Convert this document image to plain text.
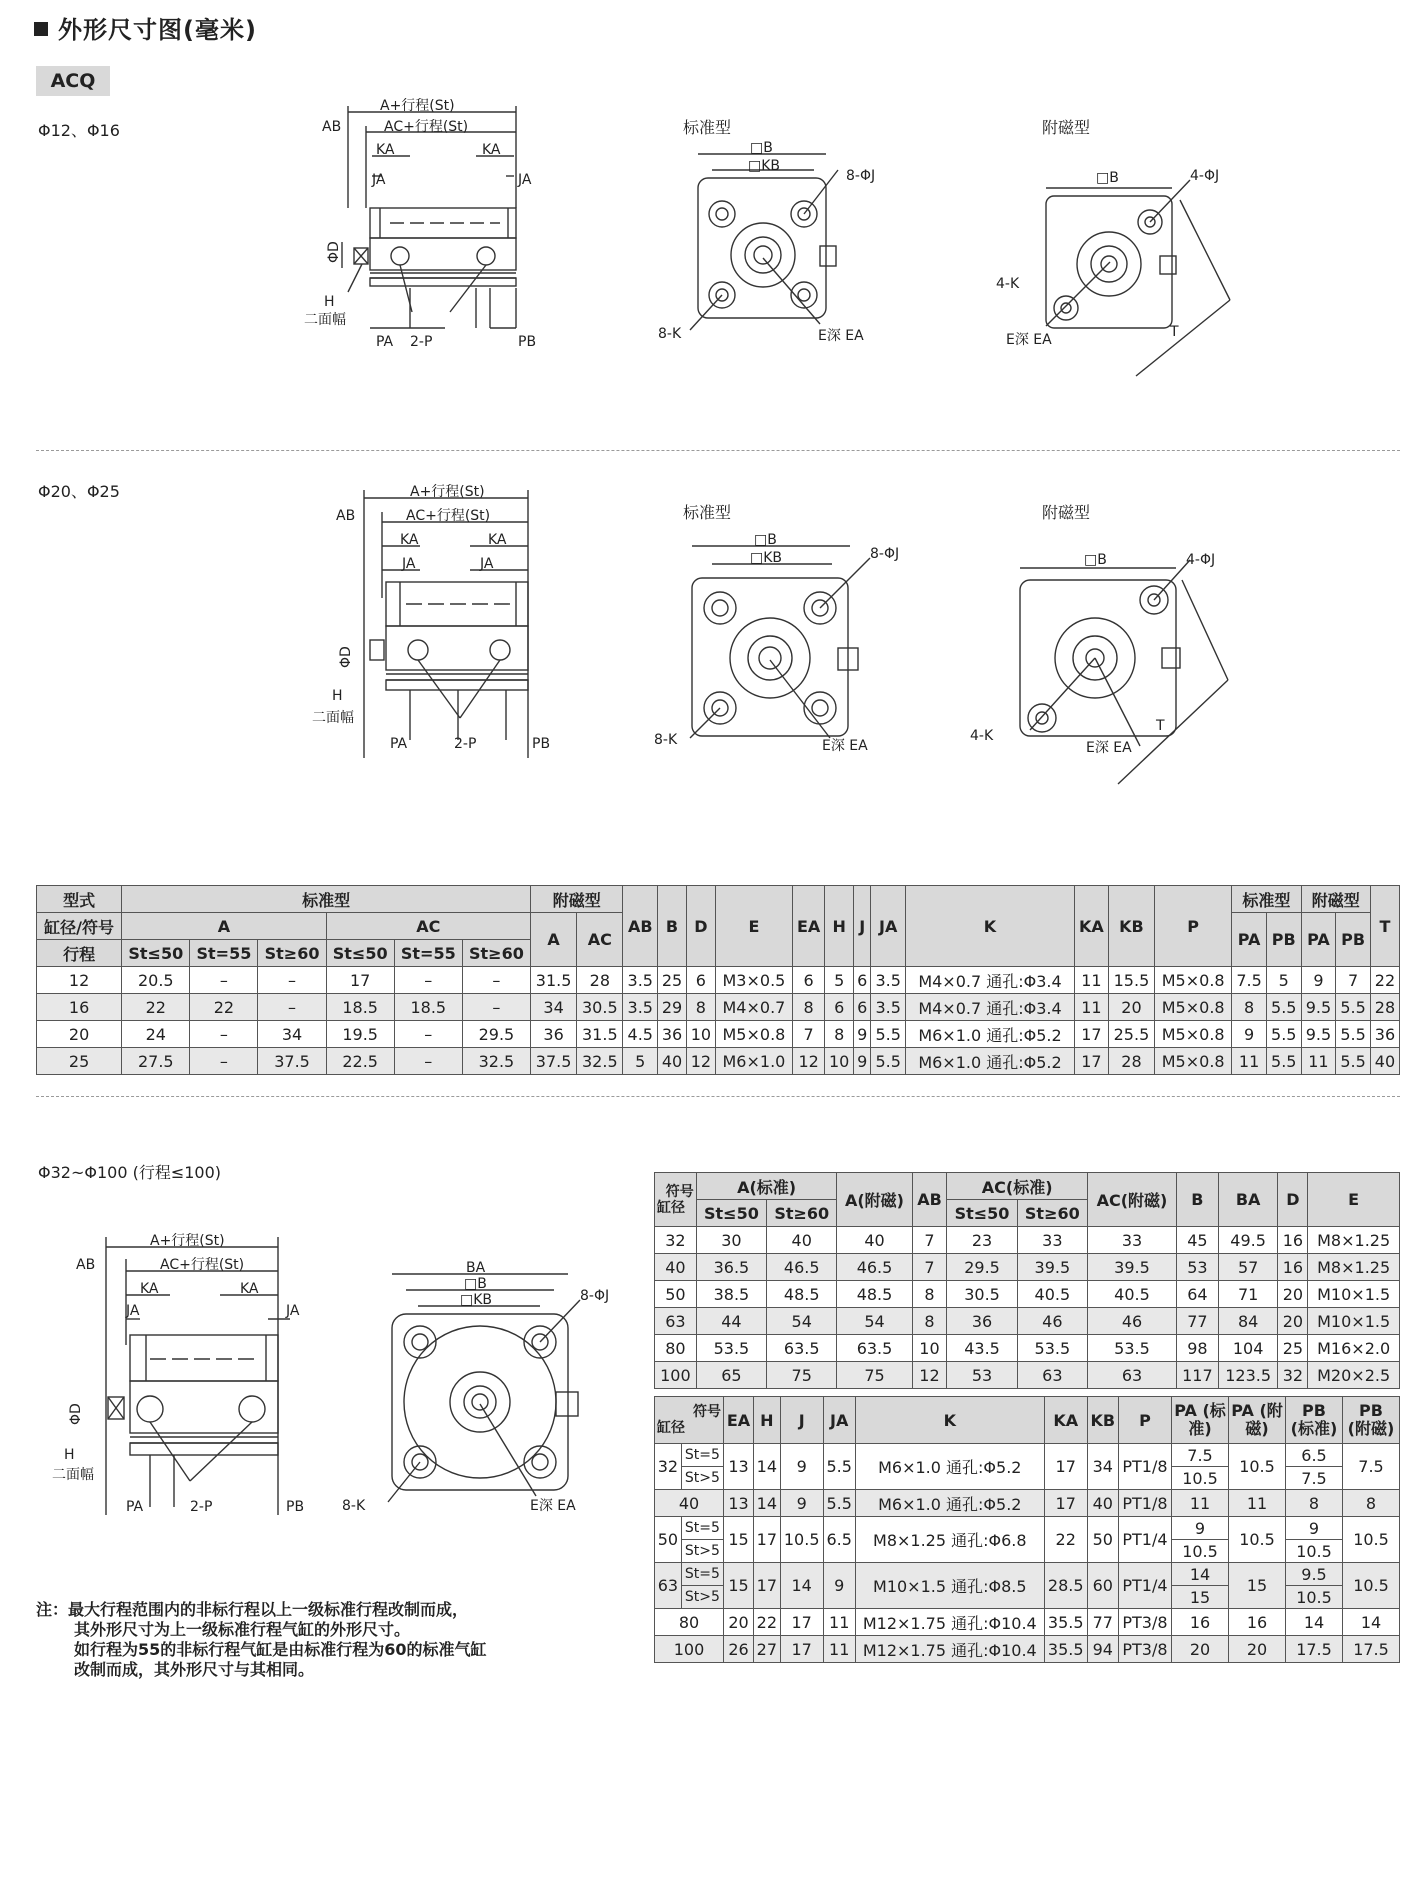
外形尺寸图(毫米)
ACQ
Φ12、Φ16	标准型	附磁型
A+行程(St)
AC+行程(St)
AB
KA	KA
JA	JA
ΦD
H
二面幅
PA 2-P	PB
□B
□KB
8-ΦJ
8-K	E深 EA
□B	4-ΦJ
4-K
E深 EA	T
Φ20、Φ25
标准型	附磁型
A+行程(St)
AC+行程(St)
AB
KA	KA
JA	JA
ΦD
H
二面幅
PA	2-P	PB
□B
□KB	8-ΦJ
8-K	E深 EA
□B	4-ΦJ
4-K
E深 EA
T
型式	标准型						附磁型		AB	B	D	E	EA	H	J	JA	K	KA	KB	P	标准型		附磁型		T
缸径/符号	A			AC			A	AC													PA	PB	PA	PB	
行程	St≤50	St=55	St≥60	St≤50	St=55	St≥60																			
12	20.5	–	–	17	–	–	31.5	28	3.5	25	6	M3×0.5	6	5	6	3.5	M4×0.7 通孔:Φ3.4	11	15.5	M5×0.8	7.5	5	9	7	22
16	22	22	–	18.5	18.5	–	34	30.5	3.5	29	8	M4×0.7	8	6	6	3.5	M4×0.7 通孔:Φ3.4	11	20	M5×0.8	8	5.5	9.5	5.5	28
20	24	–	34	19.5	–	29.5	36	31.5	4.5	36	10	M5×0.8	7	8	9	5.5	M6×1.0 通孔:Φ5.2	17	25.5	M5×0.8	9	5.5	9.5	5.5	36
25	27.5	–	37.5	22.5	–	32.5	37.5	32.5	5	40	12	M6×1.0	12	10	9	5.5	M6×1.0 通孔:Φ5.2	17	28	M5×0.8	11	5.5	11	5.5	40
Φ32~Φ100 (行程≤100)
A+行程(St)
AC+行程(St)
AB
KA	KA
JA	JA
ΦD
H
二面幅
PA	2-P	PB
BA
□B
□KB	8-ΦJ
8-K	E深 EA
符号
缸径	A(标准)		A(附磁)	AB	AC(标准)		AC(附磁)	B	BA	D	E
	St≤50	St≥60			St≤50	St≥60					
32	30	40	40	7	23	33	33	45	49.5	16	M8×1.25
40	36.5	46.5	46.5	7	29.5	39.5	39.5	53	57	16	M8×1.25
50	38.5	48.5	48.5	8	30.5	40.5	40.5	64	71	20	M10×1.5
63	44	54	54	8	36	46	46	77	84	20	M10×1.5
80	53.5	63.5	63.5	10	43.5	53.5	53.5	98	104	25	M16×2.0
100	65	75	75	12	53	63	63	117	123.5	32	M20×2.5
符号
缸径		EA	H	J	JA	K	KA	KB	P	PA (标准)	PA (附磁)	PB (标准)	PB (附磁)
32	St=5	13	14	9	5.5	M6×1.0 通孔:Φ5.2	17	34	PT1/8	7.5	10.5	6.5	7.5
	St>5									10.5		7.5	
40		13	14	9	5.5	M6×1.0 通孔:Φ5.2	17	40	PT1/8	11	11	8	8
50	St=5	15	17	10.5	6.5	M8×1.25 通孔:Φ6.8	22	50	PT1/4	9	10.5	9	10.5
	St>5									10.5		10.5	
63	St=5	15	17	14	9	M10×1.5 通孔:Φ8.5	28.5	60	PT1/4	14	15	9.5	10.5
	St>5									15		10.5	
80		20	22	17	11	M12×1.75 通孔:Φ10.4	35.5	77	PT3/8	16	16	14	14
100		26	27	17	11	M12×1.75 通孔:Φ10.4	35.5	94	PT3/8	20	20	17.5	17.5
注：最大行程范围内的非标行程以上一级标准行程改制而成，
其外形尺寸为上一级标准行程气缸的外形尺寸。
如行程为55的非标行程气缸是由标准行程为60的标准气缸
改制而成，其外形尺寸与其相同。
